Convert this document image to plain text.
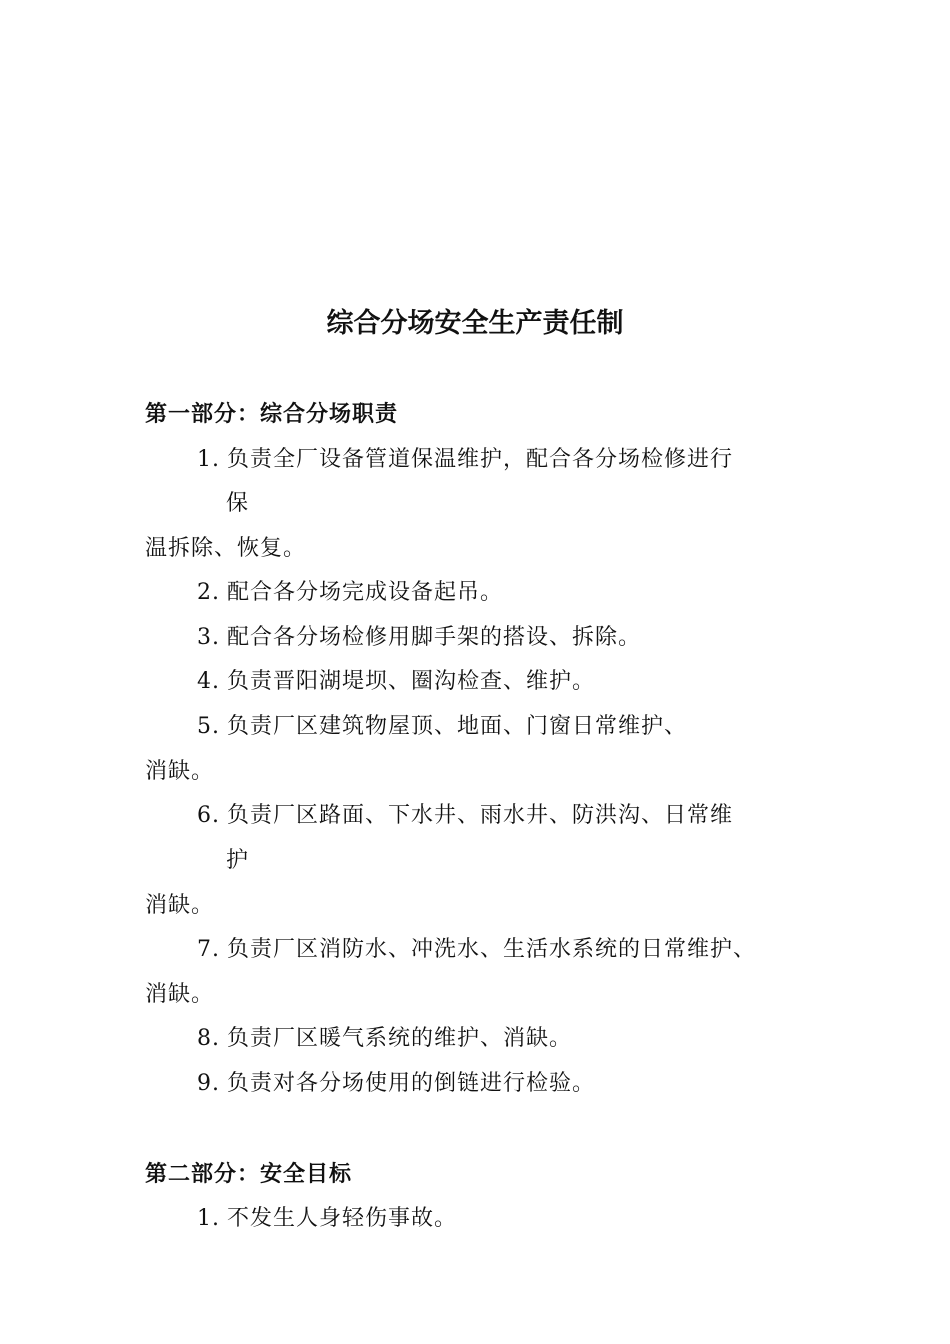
综合分场安全生产责任制
第一部分：综合分场职责
1. 负责全厂设备管道保温维护，配合各分场检修进行
保
温拆除、恢复。
2. 配合各分场完成设备起吊。
3. 配合各分场检修用脚手架的搭设、拆除。
4. 负责晋阳湖堤坝、圈沟检查、维护。
5. 负责厂区建筑物屋顶、地面、门窗日常维护、
消缺。
6. 负责厂区路面、下水井、雨水井、防洪沟、日常维
护
消缺。
7. 负责厂区消防水、冲洗水、生活水系统的日常维护、
消缺。
8. 负责厂区暖气系统的维护、消缺。
9. 负责对各分场使用的倒链进行检验。
第二部分：安全目标
1. 不发生人身轻伤事故。
